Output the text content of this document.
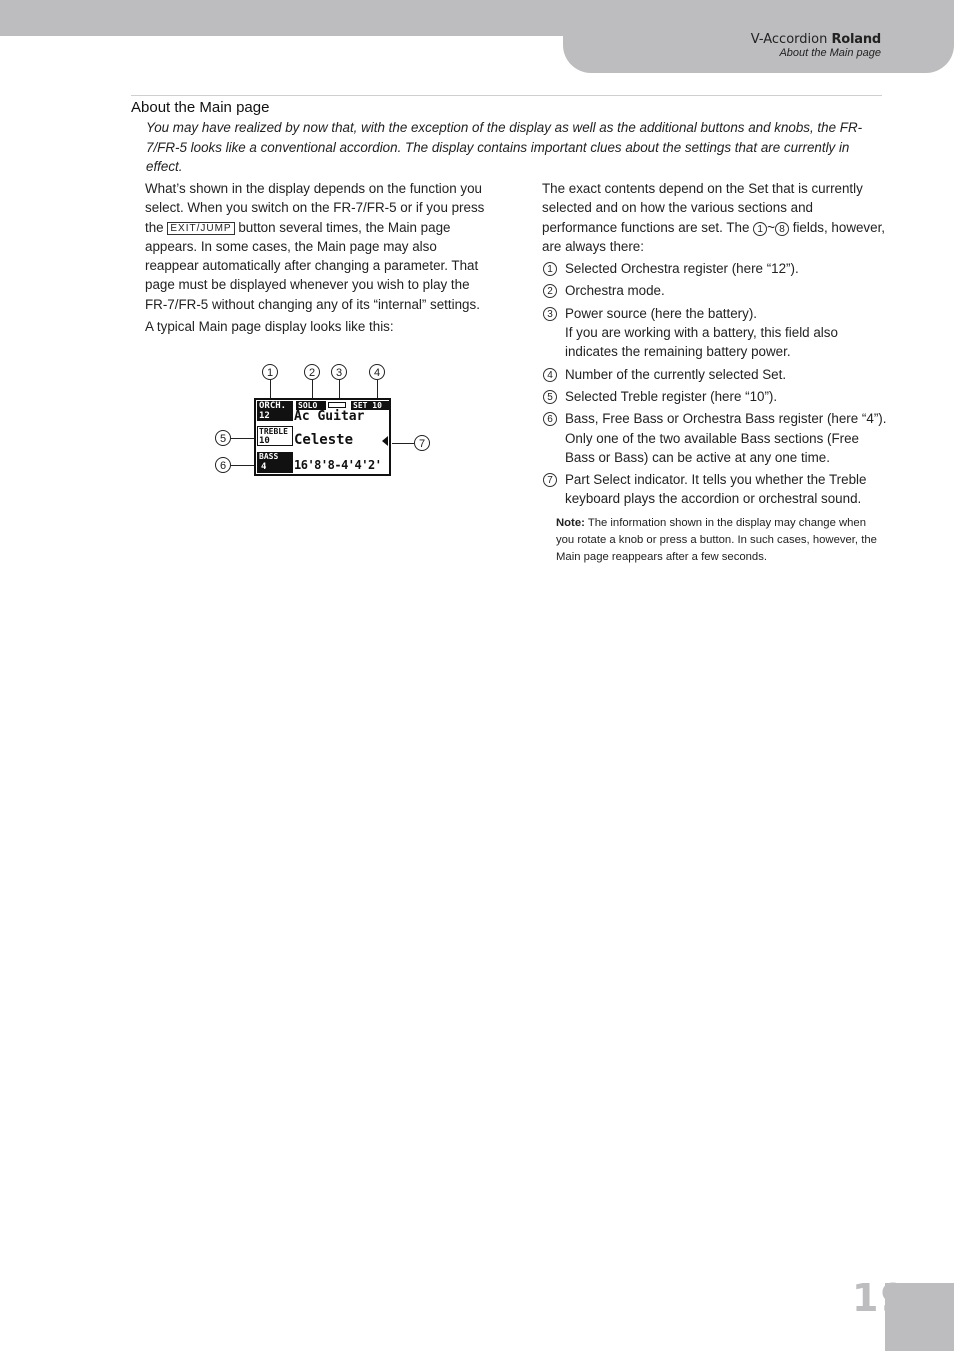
V-Accordion Roland
About the Main page
About the Main page
You may have realized by now that, with the exception of the display as well as the additional buttons and knobs, the FR-7/FR-5 looks like a conventional accordion. The display contains important clues about the settings that are currently in effect.

What’s shown in the display depends on the function you select. When you switch on the FR-7/FR-5 or if you press the EXIT/JUMP button several times, the Main page appears. In some cases, the Main page may also reappear automatically after changing a parameter. That page must be displayed whenever you wish to play the FR-7/FR-5 without changing any of its “internal” settings.

A typical Main page display looks like this:

1	2	3	4
5
6
7
ORCH.
12
SOLO	SET 10
Ac Guitar
TREBLE
10 Celeste
BASS
4 16'8'8-4'4'2'

The exact contents depend on the Set that is currently selected and on how the various sections and performance functions are set. The 1 ~ 8 fields, however, are always there:

1 Selected Orchestra register (here “12”).
2 Orchestra mode.
3 Power source (here the battery).
If you are working with a battery, this field also indicates the remaining battery power.
4 Number of the currently selected Set.
5 Selected Treble register (here “10”).
6 Bass, Free Bass or Orchestra Bass register (here “4”). Only one of the two available Bass sections (Free Bass or Bass) can be active at any one time.
7 Part Select indicator. It tells you whether the Treble keyboard plays the accordion or orchestral sound.
Note: The information shown in the display may change when you rotate a knob or press a button. In such cases, however, the Main page reappears after a few seconds.
19
